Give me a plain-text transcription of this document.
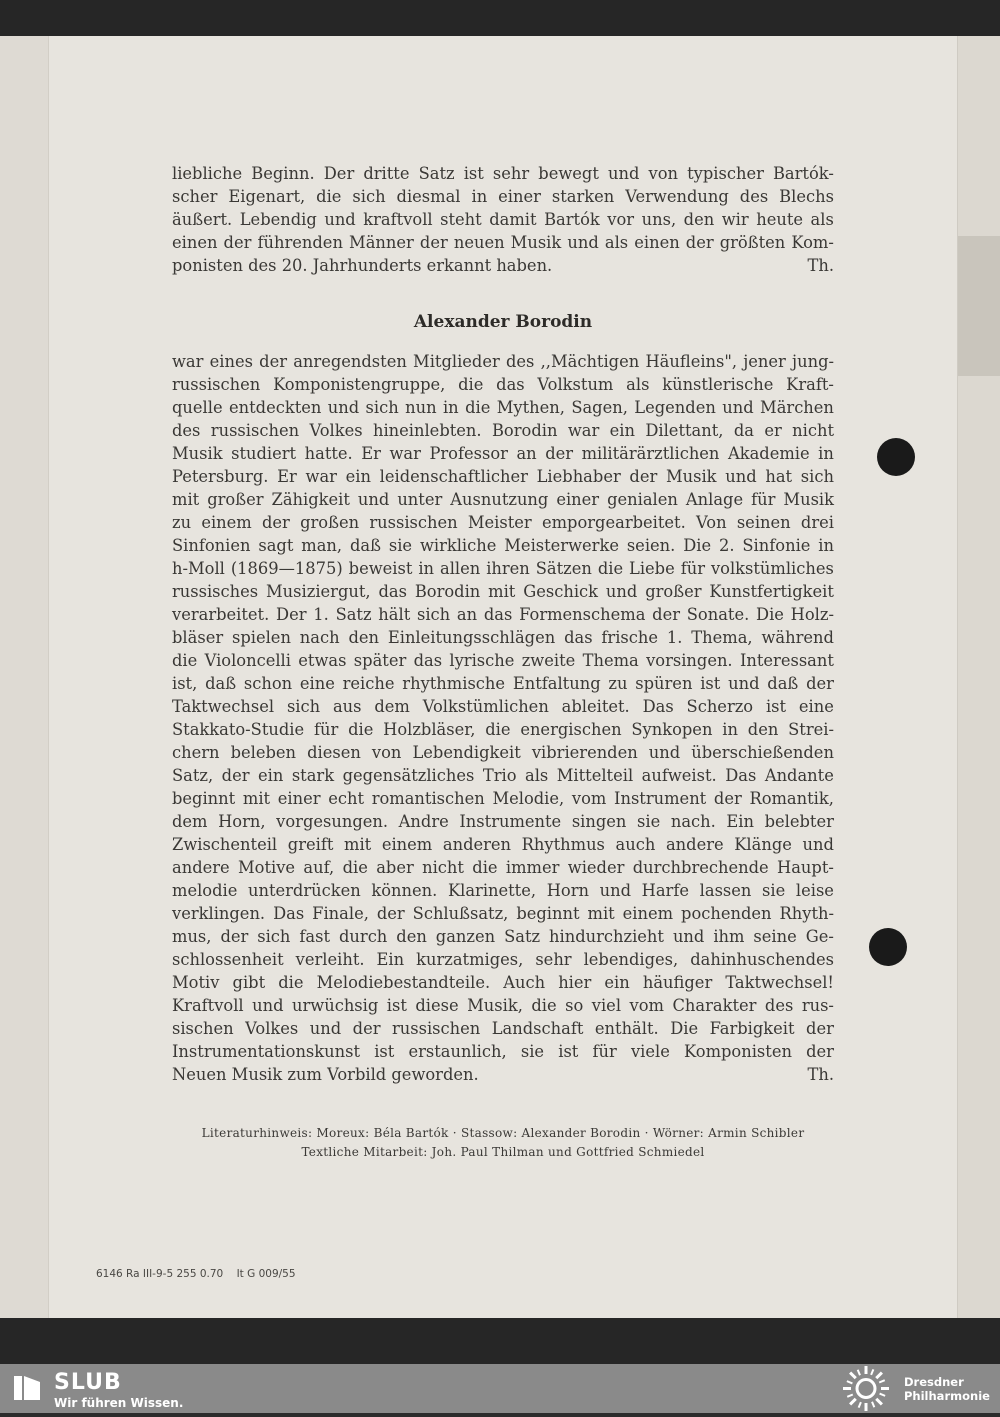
liebliche Beginn. Der dritte Satz ist sehr bewegt und von typischer Bartók-
scher Eigenart, die sich diesmal in einer starken Verwendung des Blechs
äußert. Lebendig und kraftvoll steht damit Bartók vor uns, den wir heute als
einen der führenden Männer der neuen Musik und als einen der größten Kom-
ponisten des 20. Jahrhunderts erkannt haben.	Th.
Alexander Borodin
war eines der anregendsten Mitglieder des ,,Mächtigen Häufleins", jener jung-
russischen Komponistengruppe, die das Volkstum als künstlerische Kraft-
quelle entdeckten und sich nun in die Mythen, Sagen, Legenden und Märchen
des russischen Volkes hineinlebten. Borodin war ein Dilettant, da er nicht
Musik studiert hatte. Er war Professor an der militärärztlichen Akademie in
Petersburg. Er war ein leidenschaftlicher Liebhaber der Musik und hat sich
mit großer Zähigkeit und unter Ausnutzung einer genialen Anlage für Musik
zu einem der großen russischen Meister emporgearbeitet. Von seinen drei
Sinfonien sagt man, daß sie wirkliche Meisterwerke seien. Die 2. Sinfonie in
h-Moll (1869—1875) beweist in allen ihren Sätzen die Liebe für volkstümliches
russisches Musiziergut, das Borodin mit Geschick und großer Kunstfertigkeit
verarbeitet. Der 1. Satz hält sich an das Formenschema der Sonate. Die Holz-
bläser spielen nach den Einleitungsschlägen das frische 1. Thema, während
die Violoncelli etwas später das lyrische zweite Thema vorsingen. Interessant
ist, daß schon eine reiche rhythmische Entfaltung zu spüren ist und daß der
Taktwechsel sich aus dem Volkstümlichen ableitet. Das Scherzo ist eine
Stakkato-Studie für die Holzbläser, die energischen Synkopen in den Strei-
chern beleben diesen von Lebendigkeit vibrierenden und überschießenden
Satz, der ein stark gegensätzliches Trio als Mittelteil aufweist. Das Andante
beginnt mit einer echt romantischen Melodie, vom Instrument der Romantik,
dem Horn, vorgesungen. Andre Instrumente singen sie nach. Ein belebter
Zwischenteil greift mit einem anderen Rhythmus auch andere Klänge und
andere Motive auf, die aber nicht die immer wieder durchbrechende Haupt-
melodie unterdrücken können. Klarinette, Horn und Harfe lassen sie leise
verklingen. Das Finale, der Schlußsatz, beginnt mit einem pochenden Rhyth-
mus, der sich fast durch den ganzen Satz hindurchzieht und ihm seine Ge-
schlossenheit verleiht. Ein kurzatmiges, sehr lebendiges, dahinhuschendes
Motiv gibt die Melodiebestandteile. Auch hier ein häufiger Taktwechsel!
Kraftvoll und urwüchsig ist diese Musik, die so viel vom Charakter des rus-
sischen Volkes und der russischen Landschaft enthält. Die Farbigkeit der
Instrumentationskunst ist erstaunlich, sie ist für viele Komponisten der
Neuen Musik zum Vorbild geworden.	Th.
Literaturhinweis: Moreux: Béla Bartók · Stassow: Alexander Borodin · Wörner: Armin Schibler
Textliche Mitarbeit: Joh. Paul Thilman und Gottfried Schmiedel
6146 Ra III-9-5 255 0.70    It G 009/55
SLUB
Wir führen Wissen.
Dresdner
Philharmonie
